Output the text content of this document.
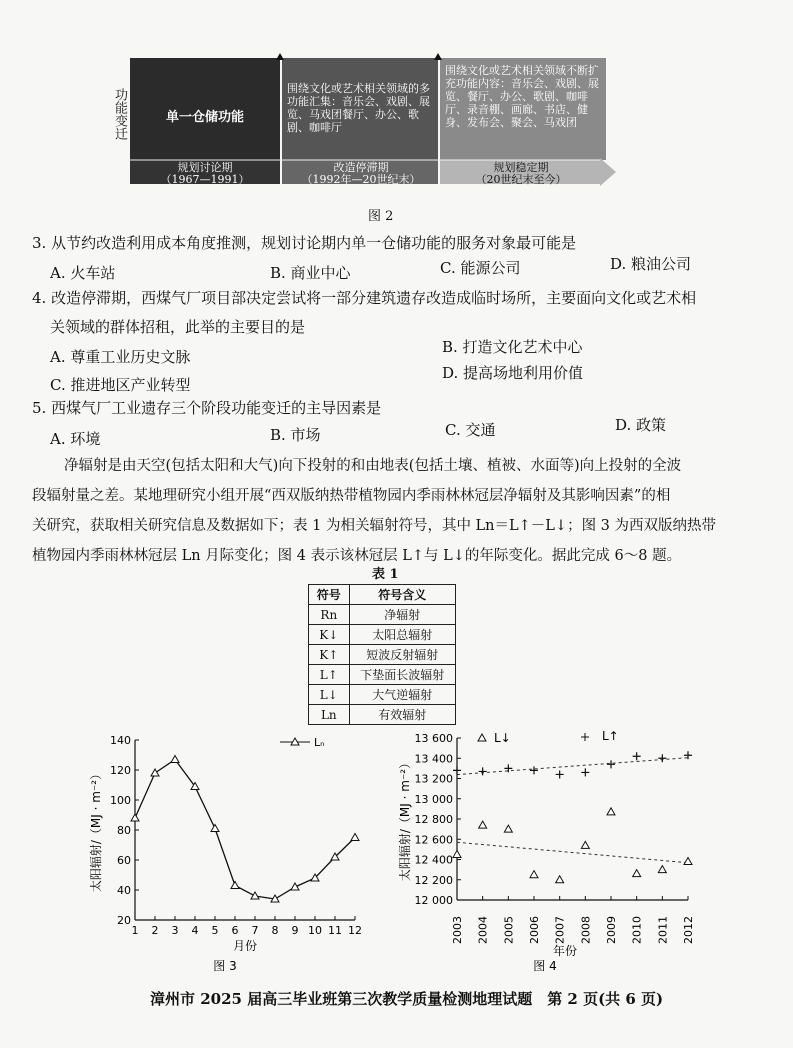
功能变迁	单一仓储功能
围绕文化或艺术相关领域的多功能汇集：音乐会、戏剧、展览、马戏团餐厅、办公、歌剧、咖啡厅
围绕文化或艺术相关领域不断扩充功能内容：音乐会、戏剧、展览、餐厅、办公、歌剧、咖啡厅、录音棚、画廊、书店、健身、发布会、聚会、马戏团
规划讨论期
（1967—1991）
改造停滞期
（1992年—20世纪末）
规划稳定期
（20世纪末至今）
图 2
3. 从节约改造利用成本角度推测，规划讨论期内单一仓储功能的服务对象最可能是
A. 火车站	B. 商业中心	C. 能源公司	D. 粮油公司
4. 改造停滞期，西煤气厂项目部决定尝试将一部分建筑遗存改造成临时场所，主要面向文化或艺术相
关领域的群体招租，此举的主要目的是
A. 尊重工业历史文脉
B. 打造文化艺术中心
C. 推进地区产业转型
D. 提高场地利用价值
5. 西煤气厂工业遗存三个阶段功能变迁的主导因素是
A. 环境	B. 市场	C. 交通	D. 政策
净辐射是由天空(包括太阳和大气)向下投射的和由地表(包括土壤、植被、水面等)向上投射的全波
段辐射量之差。某地理研究小组开展“西双版纳热带植物园内季雨林林冠层净辐射及其影响因素”的相
关研究，获取相关研究信息及数据如下；表 1 为相关辐射符号，其中 Ln＝L↑－L↓；图 3 为西双版纳热带
植物园内季雨林林冠层 Ln 月际变化；图 4 表示该林冠层 L↑与 L↓的年际变化。据此完成 6～8 题。
表 1
符号	符号含义
Rn	净辐射
K↓	太阳总辐射
K↑	短波反射辐射
L↑	下垫面长波辐射
L↓	大气逆辐射
Ln	有效辐射
20
40
60
80
100
120
140
1 2 3 4 5 6 7 8 9 10 11 12
Lₙ
月份
太阳辐射/（MJ · m⁻²）
图 3
12 000
12 200
12 400
12 600
12 800
13 000
13 200
13 400
13 600
2003 2004 2005 2006 2007 2008 2009 2010 2011 2012
L↓	L↑
年份
太阳辐射/（MJ · m⁻²）
图 4
漳州市 2025 届高三毕业班第三次教学质量检测地理试题　第 2 页(共 6 页)
